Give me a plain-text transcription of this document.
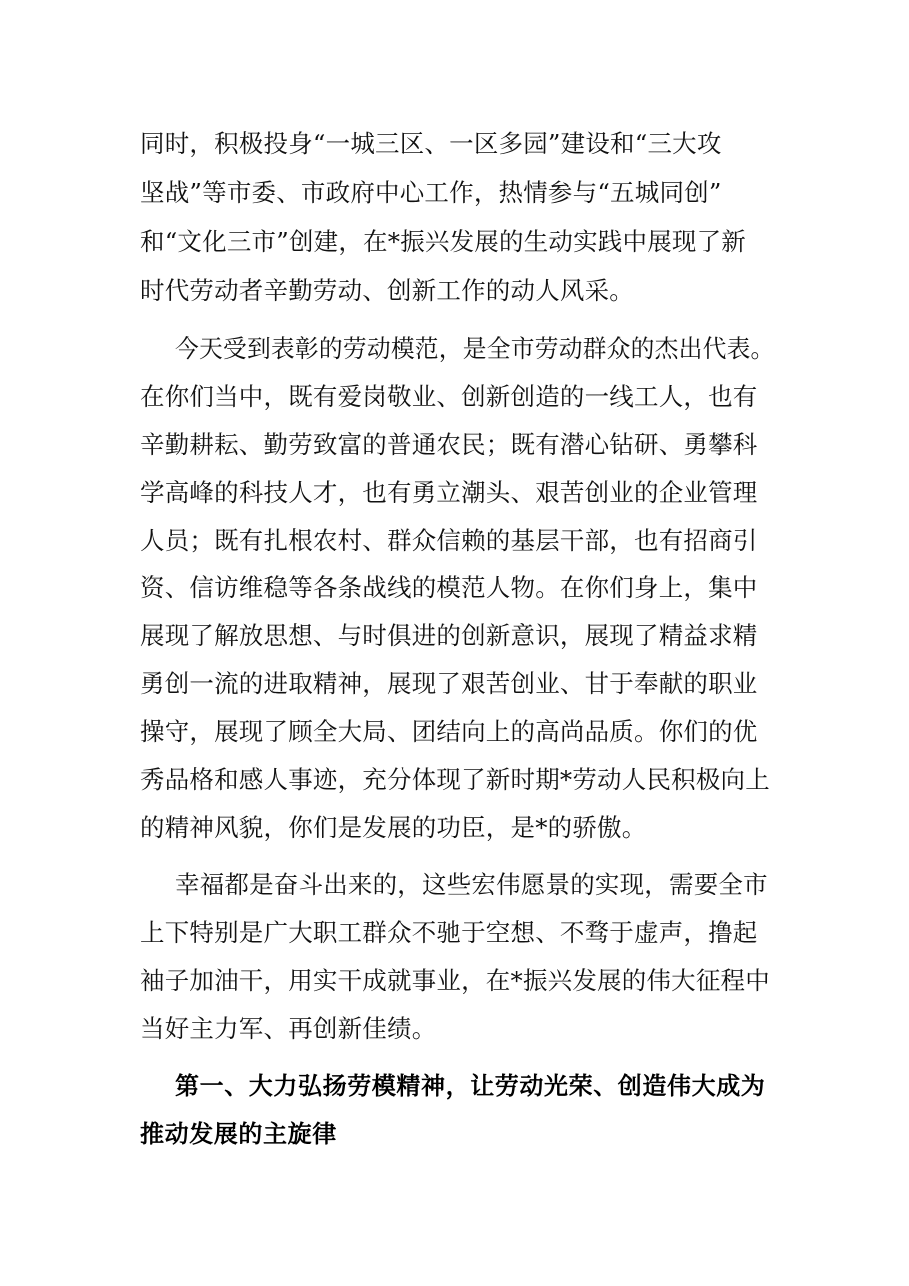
同时，积极投身“一城三区、一区多园”建设和“三大攻

坚战”等市委、市政府中心工作，热情参与“五城同创”

和“文化三市”创建，在*振兴发展的生动实践中展现了新

时代劳动者辛勤劳动、创新工作的动人风采。

今天受到表彰的劳动模范，是全市劳动群众的杰出代表。

在你们当中，既有爱岗敬业、创新创造的一线工人，也有

辛勤耕耘、勤劳致富的普通农民；既有潜心钻研、勇攀科

学高峰的科技人才，也有勇立潮头、艰苦创业的企业管理

人员；既有扎根农村、群众信赖的基层干部，也有招商引

资、信访维稳等各条战线的模范人物。在你们身上，集中

展现了解放思想、与时俱进的创新意识，展现了精益求精

勇创一流的进取精神，展现了艰苦创业、甘于奉献的职业

操守，展现了顾全大局、团结向上的高尚品质。你们的优

秀品格和感人事迹，充分体现了新时期*劳动人民积极向上

的精神风貌，你们是发展的功臣，是*的骄傲。

幸福都是奋斗出来的，这些宏伟愿景的实现，需要全市

上下特别是广大职工群众不驰于空想、不骛于虚声，撸起

袖子加油干，用实干成就事业，在*振兴发展的伟大征程中

当好主力军、再创新佳绩。

第一、大力弘扬劳模精神，让劳动光荣、创造伟大成为

推动发展的主旋律
